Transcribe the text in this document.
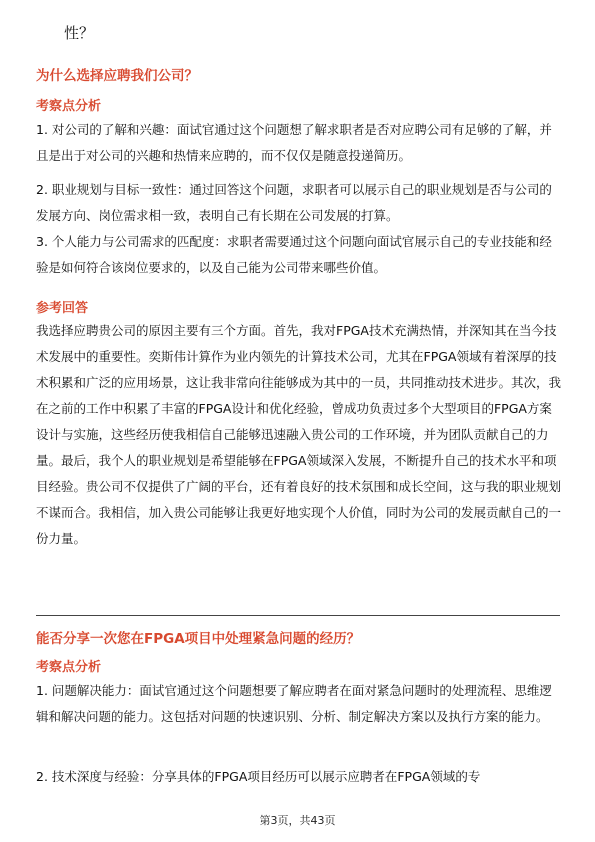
性？
为什么选择应聘我们公司？
考察点分析

1. 对公司的了解和兴趣：面试官通过这个问题想了解求职者是否对应聘公司有足够的了解，并且是出于对公司的兴趣和热情来应聘的，而不仅仅是随意投递简历。

2. 职业规划与目标一致性：通过回答这个问题，求职者可以展示自己的职业规划是否与公司的发展方向、岗位需求相一致，表明自己有长期在公司发展的打算。

3. 个人能力与公司需求的匹配度：求职者需要通过这个问题向面试官展示自己的专业技能和经验是如何符合该岗位要求的，以及自己能为公司带来哪些价值。

参考回答

我选择应聘贵公司的原因主要有三个方面。首先，我对FPGA技术充满热情，并深知其在当今技术发展中的重要性。奕斯伟计算作为业内领先的计算技术公司，尤其在FPGA领域有着深厚的技术积累和广泛的应用场景，这让我非常向往能够成为其中的一员，共同推动技术进步。其次，我在之前的工作中积累了丰富的FPGA设计和优化经验，曾成功负责过多个大型项目的FPGA方案设计与实施，这些经历使我相信自己能够迅速融入贵公司的工作环境，并为团队贡献自己的力量。最后，我个人的职业规划是希望能够在FPGA领域深入发展，不断提升自己的技术水平和项目经验。贵公司不仅提供了广阔的平台，还有着良好的技术氛围和成长空间，这与我的职业规划不谋而合。我相信，加入贵公司能够让我更好地实现个人价值，同时为公司的发展贡献自己的一份力量。

能否分享一次您在FPGA项目中处理紧急问题的经历？
考察点分析

1. 问题解决能力：面试官通过这个问题想要了解应聘者在面对紧急问题时的处理流程、思维逻辑和解决问题的能力。这包括对问题的快速识别、分析、制定解决方案以及执行方案的能力。

2. 技术深度与经验：分享具体的FPGA项目经历可以展示应聘者在FPGA领域的专

第3页，共43页
